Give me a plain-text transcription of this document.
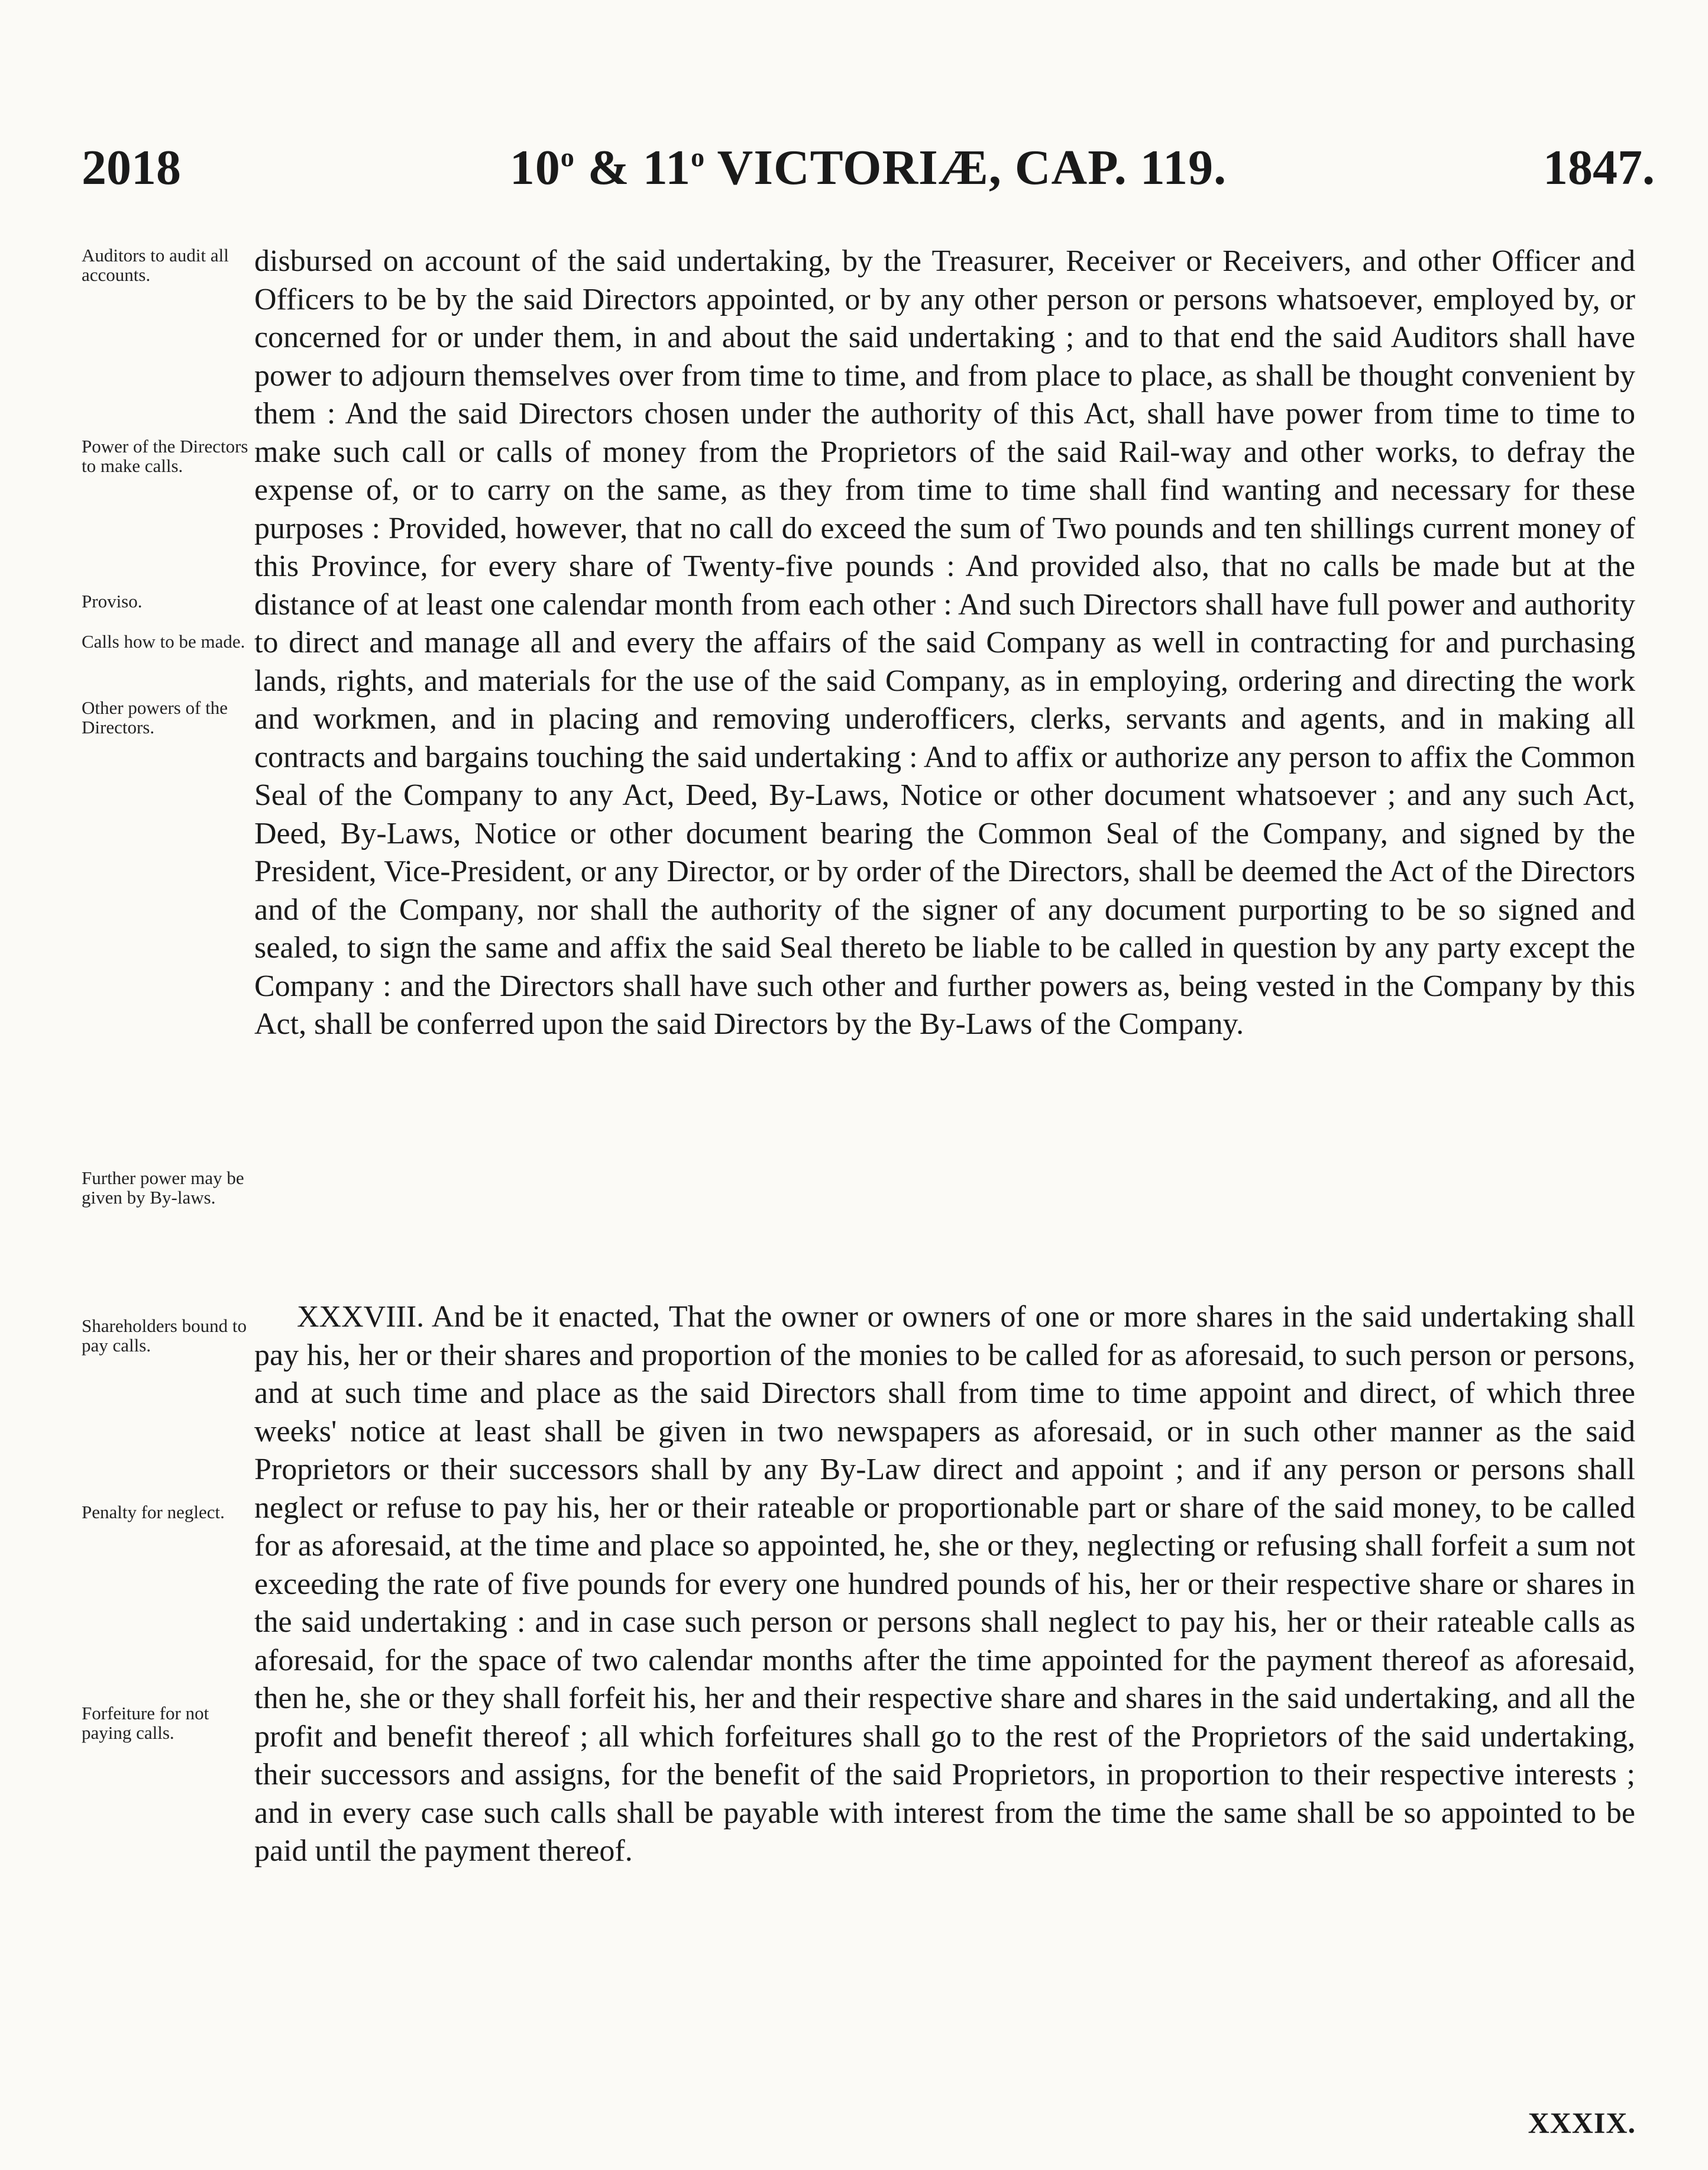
2018	10$^o$ & 11$^o$ VICTORIÆ, CAP. 119.	1847.
Auditors to audit all accounts.
Power of the Directors to make calls.
Proviso.
Calls how to be made.
Other powers of the Directors.
Further power may be given by By-laws.
Shareholders bound to pay calls.
Penalty for neglect.
Forfeiture for not paying calls.
disbursed on account of the said undertaking, by the Treasurer, Receiver or Receivers, and other Officer and Officers to be by the said Directors appointed, or by any other person or persons whatsoever, employed by, or concerned for or under them, in and about the said undertaking ; and to that end the said Auditors shall have power to adjourn themselves over from time to time, and from place to place, as shall be thought convenient by them : And the said Directors chosen under the authority of this Act, shall have power from time to time to make such call or calls of money from the Proprietors of the said Rail-way and other works, to defray the expense of, or to carry on the same, as they from time to time shall find wanting and necessary for these purposes : Provided, however, that no call do exceed the sum of Two pounds and ten shillings current money of this Province, for every share of Twenty-five pounds : And provided also, that no calls be made but at the distance of at least one calendar month from each other : And such Directors shall have full power and authority to direct and manage all and every the affairs of the said Company as well in contracting for and purchasing lands, rights, and materials for the use of the said Company, as in employing, ordering and directing the work and workmen, and in placing and removing underofficers, clerks, servants and agents, and in making all contracts and bargains touching the said undertaking : And to affix or authorize any person to affix the Common Seal of the Company to any Act, Deed, By-Laws, Notice or other document whatsoever ; and any such Act, Deed, By-Laws, Notice or other document bearing the Common Seal of the Company, and signed by the President, Vice-President, or any Director, or by order of the Directors, shall be deemed the Act of the Directors and of the Company, nor shall the authority of the signer of any document purporting to be so signed and sealed, to sign the same and affix the said Seal thereto be liable to be called in question by any party except the Company : and the Directors shall have such other and further powers as, being vested in the Company by this Act, shall be conferred upon the said Directors by the By-Laws of the Company.
XXXVIII. And be it enacted, That the owner or owners of one or more shares in the said undertaking shall pay his, her or their shares and proportion of the monies to be called for as aforesaid, to such person or persons, and at such time and place as the said Directors shall from time to time appoint and direct, of which three weeks' notice at least shall be given in two newspapers as aforesaid, or in such other manner as the said Proprietors or their successors shall by any By-Law direct and appoint ; and if any person or persons shall neglect or refuse to pay his, her or their rateable or proportionable part or share of the said money, to be called for as aforesaid, at the time and place so appointed, he, she or they, neglecting or refusing shall forfeit a sum not exceeding the rate of five pounds for every one hundred pounds of his, her or their respective share or shares in the said undertaking : and in case such person or persons shall neglect to pay his, her or their rateable calls as aforesaid, for the space of two calendar months after the time appointed for the payment thereof as aforesaid, then he, she or they shall forfeit his, her and their respective share and shares in the said undertaking, and all the profit and benefit thereof ; all which forfeitures shall go to the rest of the Proprietors of the said undertaking, their successors and assigns, for the benefit of the said Proprietors, in proportion to their respective interests ; and in every case such calls shall be payable with interest from the time the same shall be so appointed to be paid until the payment thereof.
XXXIX.
